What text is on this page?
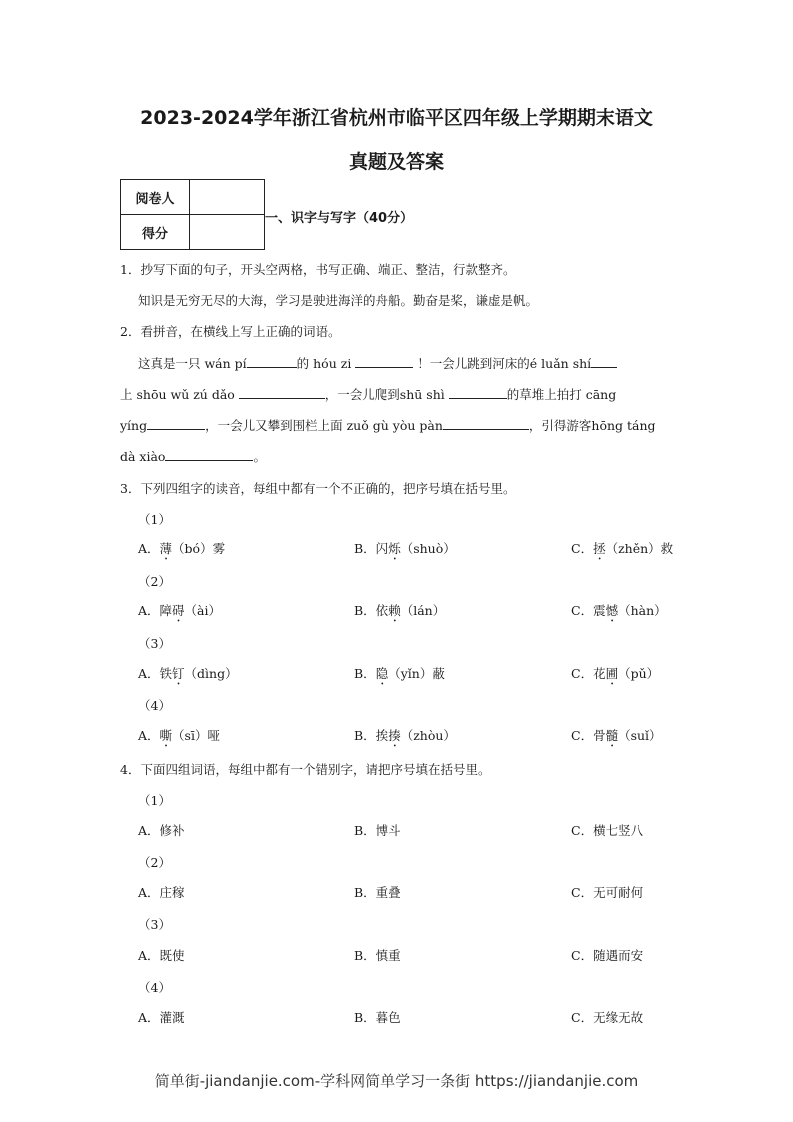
2023-2024学年浙江省杭州市临平区四年级上学期期末语文
真题及答案
阅卷人	
得分	
一、识字与写字（40分）
1．抄写下面的句子，开头空两格，书写正确、端正、整洁，行款整齐。
知识是无穷无尽的大海，学习是驶进海洋的舟船。勤奋是桨，谦虚是帆。
2．看拼音，在横线上写上正确的词语。
这真是一只 wán pí	的 hóu zi	！一会儿跳到河床的é luǎn shí
上 shōu wǔ zú dǎo	，一会儿爬到shū shì	的草堆上拍打 cāng
yíng	，一会儿又攀到围栏上面 zuǒ gù yòu pàn	，引得游客hōng táng
dà xiào	。
3．下列四组字的读音，每组中都有一个不正确的，把序号填在括号里。
（1）
A．薄（bó）雾	B．闪烁（shuò）	C．拯（zhěn）救
（2）
A．障碍（ài）	B．依赖（lán）	C．震憾（hàn）
（3）
A．铁钉（dìng）	B．隐（yǐn）蔽	C．花圃（pǔ）
（4）
A．嘶（sī）哑	B．挨揍（zhòu）	C．骨髓（suǐ）
4．下面四组词语，每组中都有一个错别字，请把序号填在括号里。
（1）
A．修补	B．博斗	C．横七竖八
（2）
A．庄稼	B．重叠	C．无可耐何
（3）
A．既使	B．慎重	C．随遇而安
（4）
A．灌溉	B．暮色	C．无缘无故
简单街-jiandanjie.com-学科网简单学习一条街 https://jiandanjie.com
